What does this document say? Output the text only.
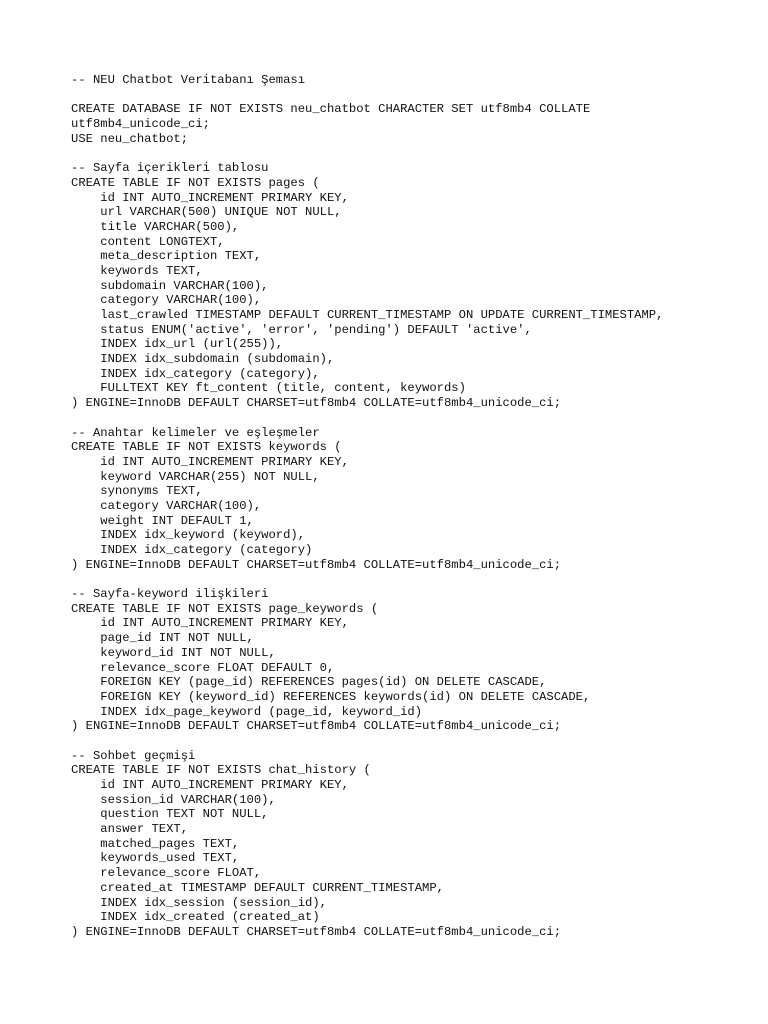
-- NEU Chatbot Veritabanı Şeması
CREATE DATABASE IF NOT EXISTS neu_chatbot CHARACTER SET utf8mb4 COLLATE
utf8mb4_unicode_ci;
USE neu_chatbot;
-- Sayfa içerikleri tablosu
CREATE TABLE IF NOT EXISTS pages (
id INT AUTO_INCREMENT PRIMARY KEY,
url VARCHAR(500) UNIQUE NOT NULL,
title VARCHAR(500),
content LONGTEXT,
meta_description TEXT,
keywords TEXT,
subdomain VARCHAR(100),
category VARCHAR(100),
last_crawled TIMESTAMP DEFAULT CURRENT_TIMESTAMP ON UPDATE CURRENT_TIMESTAMP,
status ENUM('active', 'error', 'pending') DEFAULT 'active',
INDEX idx_url (url(255)),
INDEX idx_subdomain (subdomain),
INDEX idx_category (category),
FULLTEXT KEY ft_content (title, content, keywords)
) ENGINE=InnoDB DEFAULT CHARSET=utf8mb4 COLLATE=utf8mb4_unicode_ci;
-- Anahtar kelimeler ve eşleşmeler
CREATE TABLE IF NOT EXISTS keywords (
id INT AUTO_INCREMENT PRIMARY KEY,
keyword VARCHAR(255) NOT NULL,
synonyms TEXT,
category VARCHAR(100),
weight INT DEFAULT 1,
INDEX idx_keyword (keyword),
INDEX idx_category (category)
) ENGINE=InnoDB DEFAULT CHARSET=utf8mb4 COLLATE=utf8mb4_unicode_ci;
-- Sayfa-keyword ilişkileri
CREATE TABLE IF NOT EXISTS page_keywords (
id INT AUTO_INCREMENT PRIMARY KEY,
page_id INT NOT NULL,
keyword_id INT NOT NULL,
relevance_score FLOAT DEFAULT 0,
FOREIGN KEY (page_id) REFERENCES pages(id) ON DELETE CASCADE,
FOREIGN KEY (keyword_id) REFERENCES keywords(id) ON DELETE CASCADE,
INDEX idx_page_keyword (page_id, keyword_id)
) ENGINE=InnoDB DEFAULT CHARSET=utf8mb4 COLLATE=utf8mb4_unicode_ci;
-- Sohbet geçmişi
CREATE TABLE IF NOT EXISTS chat_history (
id INT AUTO_INCREMENT PRIMARY KEY,
session_id VARCHAR(100),
question TEXT NOT NULL,
answer TEXT,
matched_pages TEXT,
keywords_used TEXT,
relevance_score FLOAT,
created_at TIMESTAMP DEFAULT CURRENT_TIMESTAMP,
INDEX idx_session (session_id),
INDEX idx_created (created_at)
) ENGINE=InnoDB DEFAULT CHARSET=utf8mb4 COLLATE=utf8mb4_unicode_ci;
